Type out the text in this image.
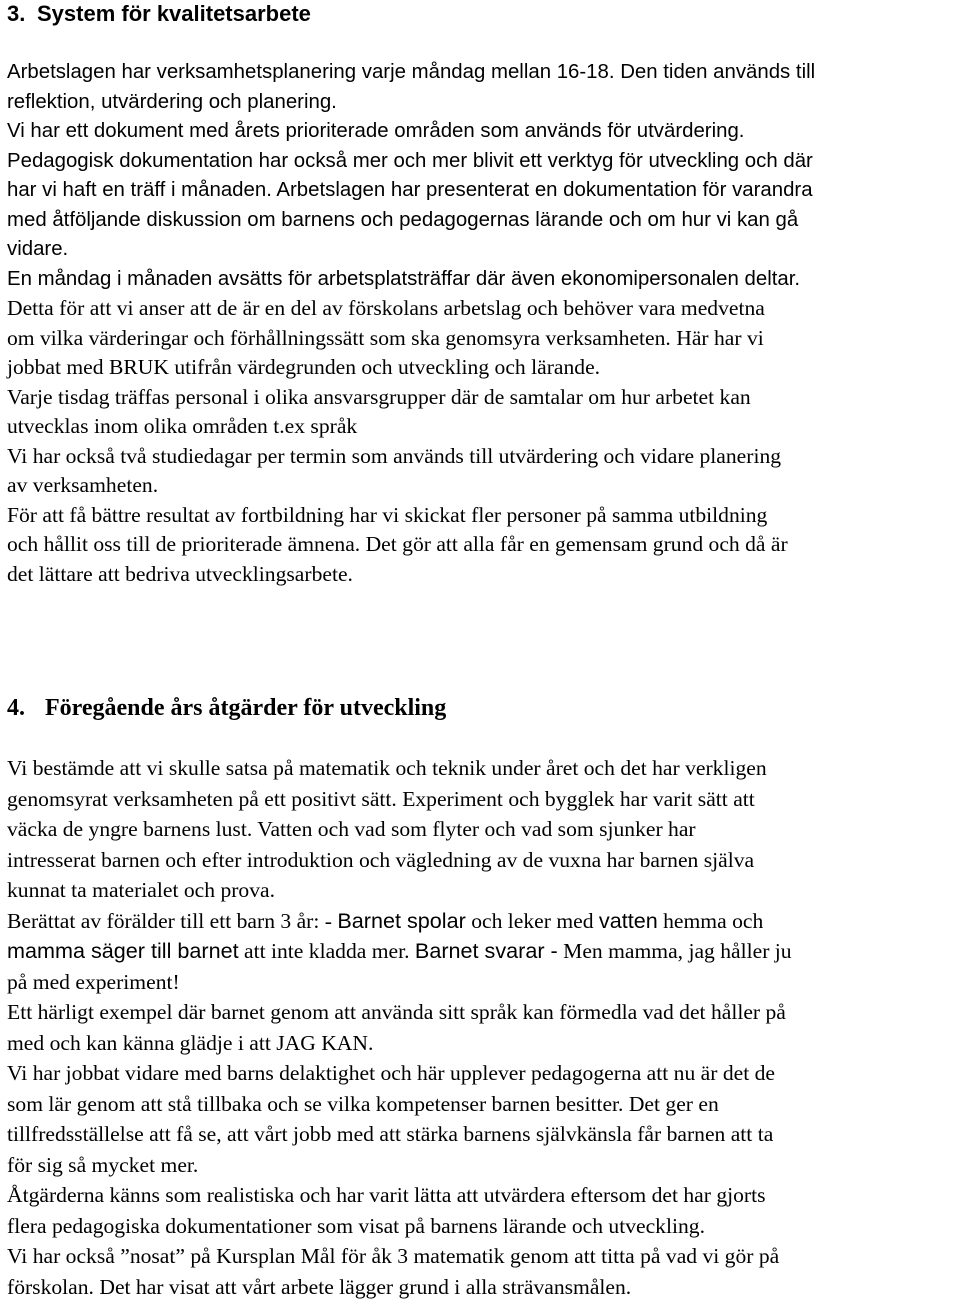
3. System för kvalitetsarbete
Arbetslagen har verksamhetsplanering varje måndag mellan 16-18. Den tiden används till
reflektion, utvärdering och planering.
Vi har ett dokument med årets prioriterade områden som används för utvärdering.
Pedagogisk dokumentation har också mer och mer blivit ett verktyg för utveckling och där
har vi haft en träff i månaden. Arbetslagen har presenterat en dokumentation för varandra
med åtföljande diskussion om barnens och pedagogernas lärande och om hur vi kan gå
vidare.
En måndag i månaden avsätts för arbetsplatsträffar där även ekonomipersonalen deltar.
Detta för att vi anser att de är en del av förskolans arbetslag och behöver vara medvetna
om vilka värderingar och förhållningssätt som ska genomsyra verksamheten. Här har vi
jobbat med BRUK utifrån värdegrunden och utveckling och lärande.
Varje tisdag träffas personal i olika ansvarsgrupper där de samtalar om hur arbetet kan
utvecklas inom olika områden t.ex språk
Vi har också två studiedagar per termin som används till utvärdering och vidare planering
av verksamheten.
För att få bättre resultat av fortbildning har vi skickat fler personer på samma utbildning
och hållit oss till de prioriterade ämnena. Det gör att alla får en gemensam grund och då är
det lättare att bedriva utvecklingsarbete.
4. Föregående års åtgärder för utveckling
Vi bestämde att vi skulle satsa på matematik och teknik under året och det har verkligen
genomsyrat verksamheten på ett positivt sätt. Experiment och bygglek har varit sätt att
väcka de yngre barnens lust. Vatten och vad som flyter och vad som sjunker har
intresserat barnen och efter introduktion och vägledning av de vuxna har barnen själva
kunnat ta materialet och prova.
Berättat av förälder till ett barn 3 år: - Barnet spolar och leker med vatten hemma och
mamma säger till barnet att inte kladda mer. Barnet svarar - Men mamma, jag håller ju
på med experiment!
Ett härligt exempel där barnet genom att använda sitt språk kan förmedla vad det håller på
med och kan känna glädje i att JAG KAN.
Vi har jobbat vidare med barns delaktighet och här upplever pedagogerna att nu är det de
som lär genom att stå tillbaka och se vilka kompetenser barnen besitter. Det ger en
tillfredsställelse att få se, att vårt jobb med att stärka barnens självkänsla får barnen att ta
för sig så mycket mer.
Åtgärderna känns som realistiska och har varit lätta att utvärdera eftersom det har gjorts
flera pedagogiska dokumentationer som visat på barnens lärande och utveckling.
Vi har också ”nosat” på Kursplan Mål för åk 3 matematik genom att titta på vad vi gör på
förskolan. Det har visat att vårt arbete lägger grund i alla strävansmålen.
